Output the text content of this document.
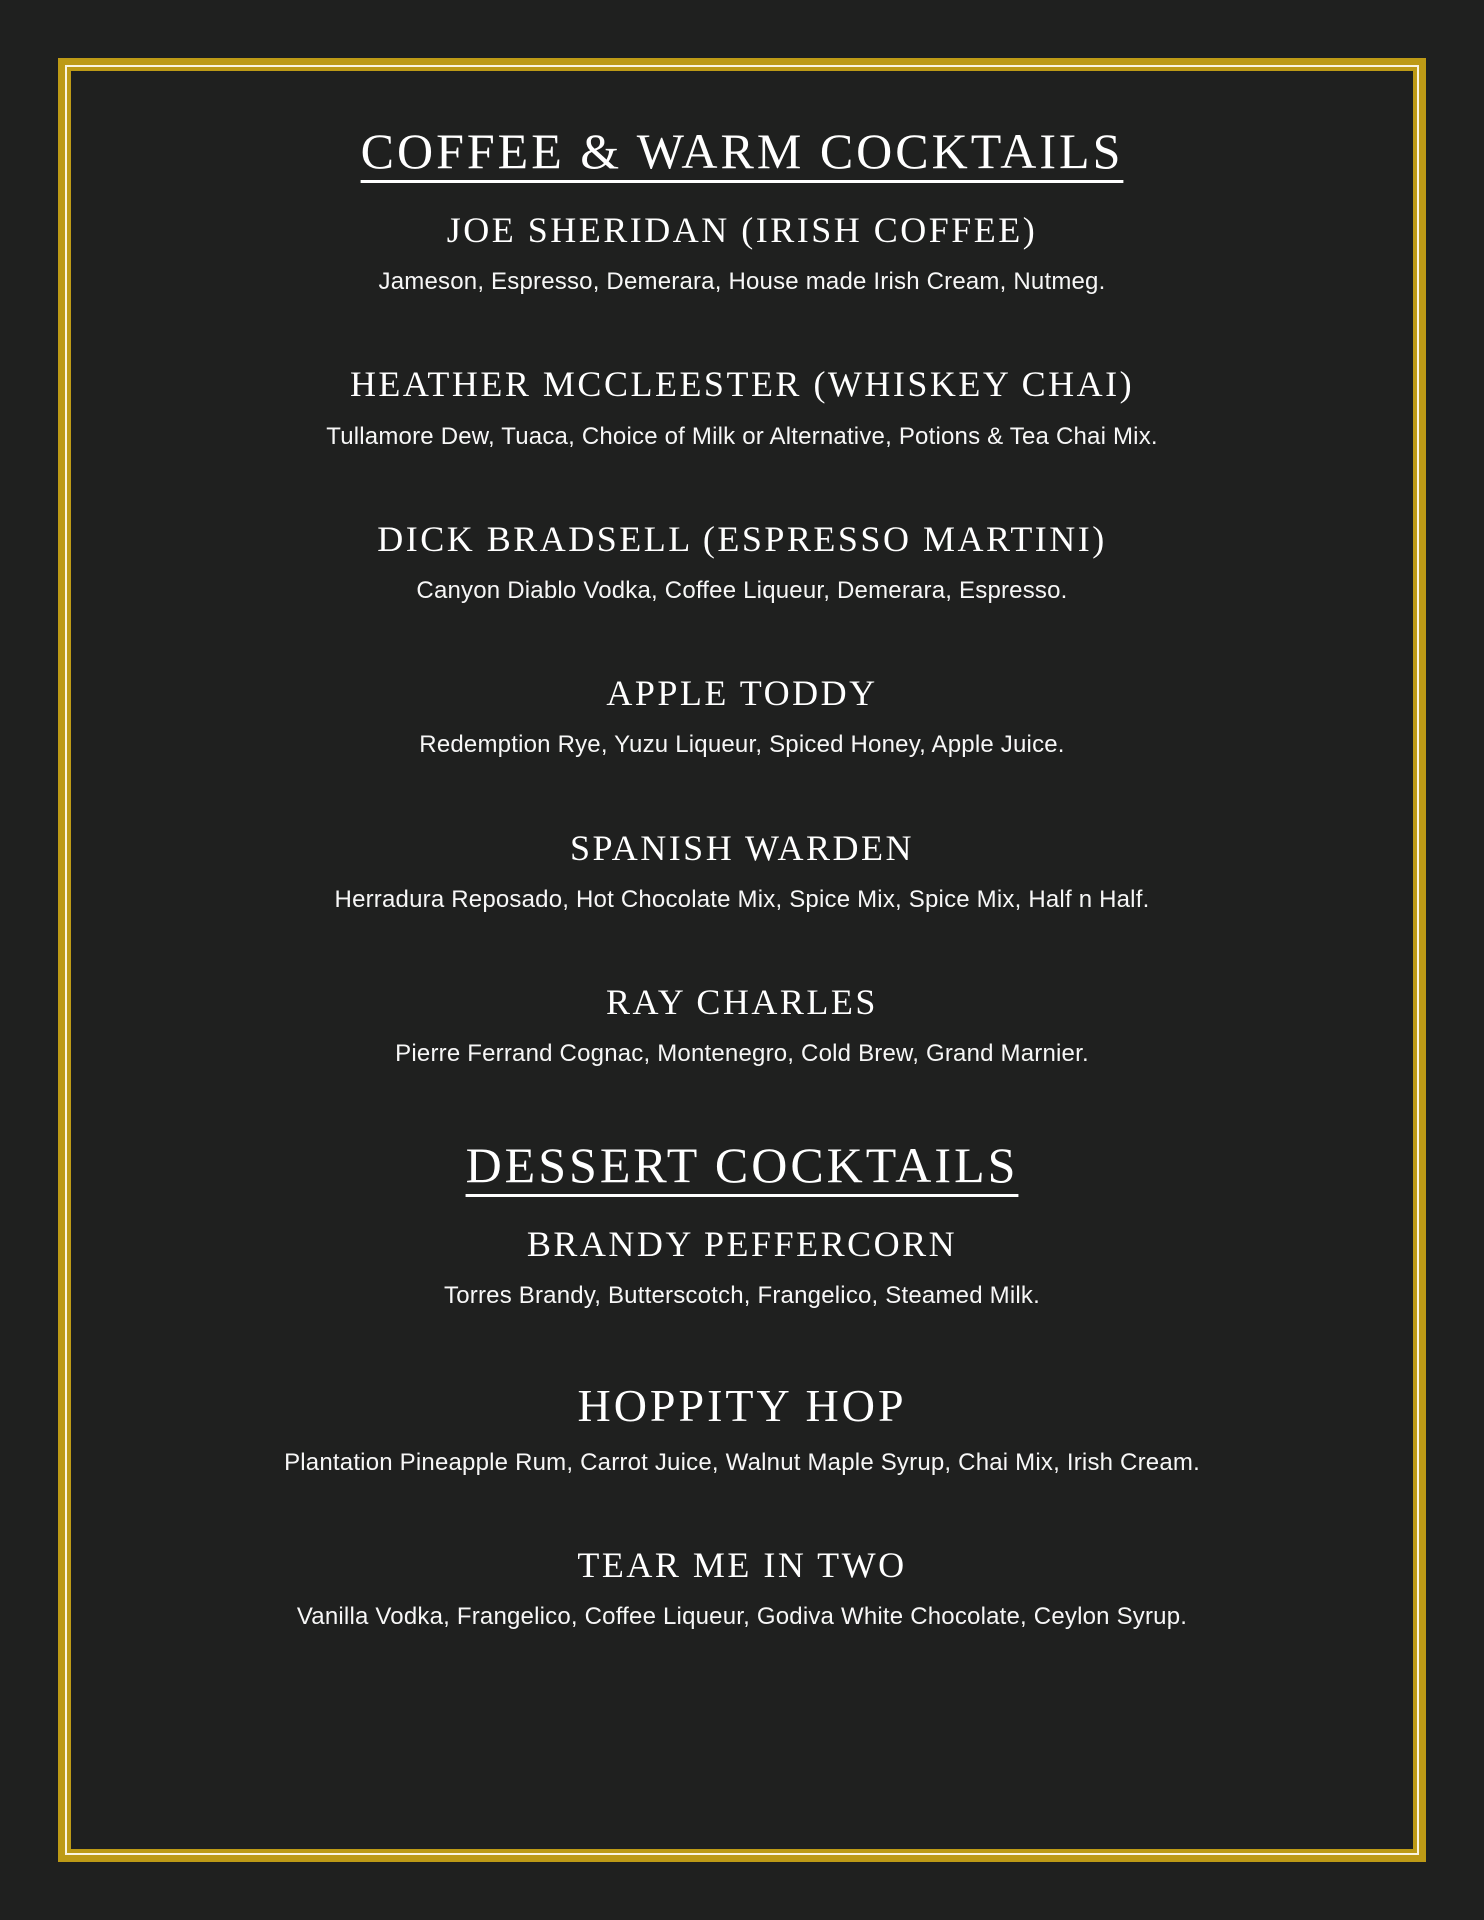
COFFEE & WARM COCKTAILS
JOE SHERIDAN (IRISH COFFEE)

Jameson, Espresso, Demerara, House made Irish Cream, Nutmeg.

HEATHER MCCLEESTER (WHISKEY CHAI)

Tullamore Dew, Tuaca, Choice of Milk or Alternative, Potions & Tea Chai Mix.

DICK BRADSELL (ESPRESSO MARTINI)

Canyon Diablo Vodka, Coffee Liqueur, Demerara, Espresso.

APPLE TODDY

Redemption Rye, Yuzu Liqueur, Spiced Honey, Apple Juice.

SPANISH WARDEN

Herradura Reposado, Hot Chocolate Mix, Spice Mix, Spice Mix, Half n Half.

RAY CHARLES

Pierre Ferrand Cognac, Montenegro, Cold Brew, Grand Marnier.

DESSERT COCKTAILS
BRANDY PEFFERCORN

Torres Brandy, Butterscotch, Frangelico, Steamed Milk.

HOPPITY HOP

Plantation Pineapple Rum, Carrot Juice, Walnut Maple Syrup, Chai Mix, Irish Cream.

TEAR ME IN TWO

Vanilla Vodka, Frangelico, Coffee Liqueur, Godiva White Chocolate, Ceylon Syrup.
